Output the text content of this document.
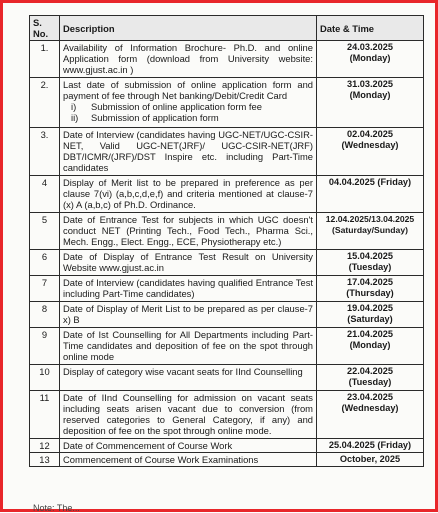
S. No.	Description	Date & Time
1.	Availability of Information Brochure- Ph.D. and online Application form (download from University website: www.gjust.ac.in )	24.03.2025
(Monday)

2.	Last date of submission of online application form and payment of fee through Net banking/Debit/Credit Card
i) Submission of online application form fee
ii) Submission of application form	31.03.2025
(Monday)

3.	Date of Interview (candidates having UGC-NET/UGC-CSIR-NET, Valid UGC-NET(JRF)/ UGC-CSIR-NET(JRF) DBT/ICMR/(JRF)/DST Inspire etc. including Part-Time candidates	02.04.2025
(Wednesday)

4	Display of Merit list to be prepared in preference as per clause 7(vi) (a,b,c,d,e,f) and criteria mentioned at clause-7 (x) A (a,b,c) of Ph.D. Ordinance.	04.04.2025 (Friday)

5	Date of Entrance Test for subjects in which UGC doesn't conduct NET (Printing Tech., Food Tech., Pharma Sci., Mech. Engg., Elect. Engg., ECE, Physiotherapy etc.)	12.04.2025/13.04.2025
(Saturday/Sunday)

6	Date of Display of Entrance Test Result on University Website www.gjust.ac.in	15.04.2025
(Tuesday)

7	Date of Interview (candidates having qualified Entrance Test including Part-Time candidates)	17.04.2025
(Thursday)

8	Date of Display of Merit List to be prepared as per clause-7 x) B	19.04.2025
(Saturday)

9	Date of Ist Counselling for All Departments including Part-Time candidates and deposition of fee on the spot through online mode	21.04.2025
(Monday)

10	Display of category wise vacant seats for IInd Counselling	22.04.2025
(Tuesday)

11	Date of IInd Counselling for admission on vacant seats including seats arisen vacant due to conversion (from reserved categories to General Category, if any) and deposition of fee on the spot through online mode.	23.04.2025
(Wednesday)

12	Date of Commencement of Course Work	25.04.2025 (Friday)

13	Commencement of Course Work Examinations	October, 2025
Note: The...
